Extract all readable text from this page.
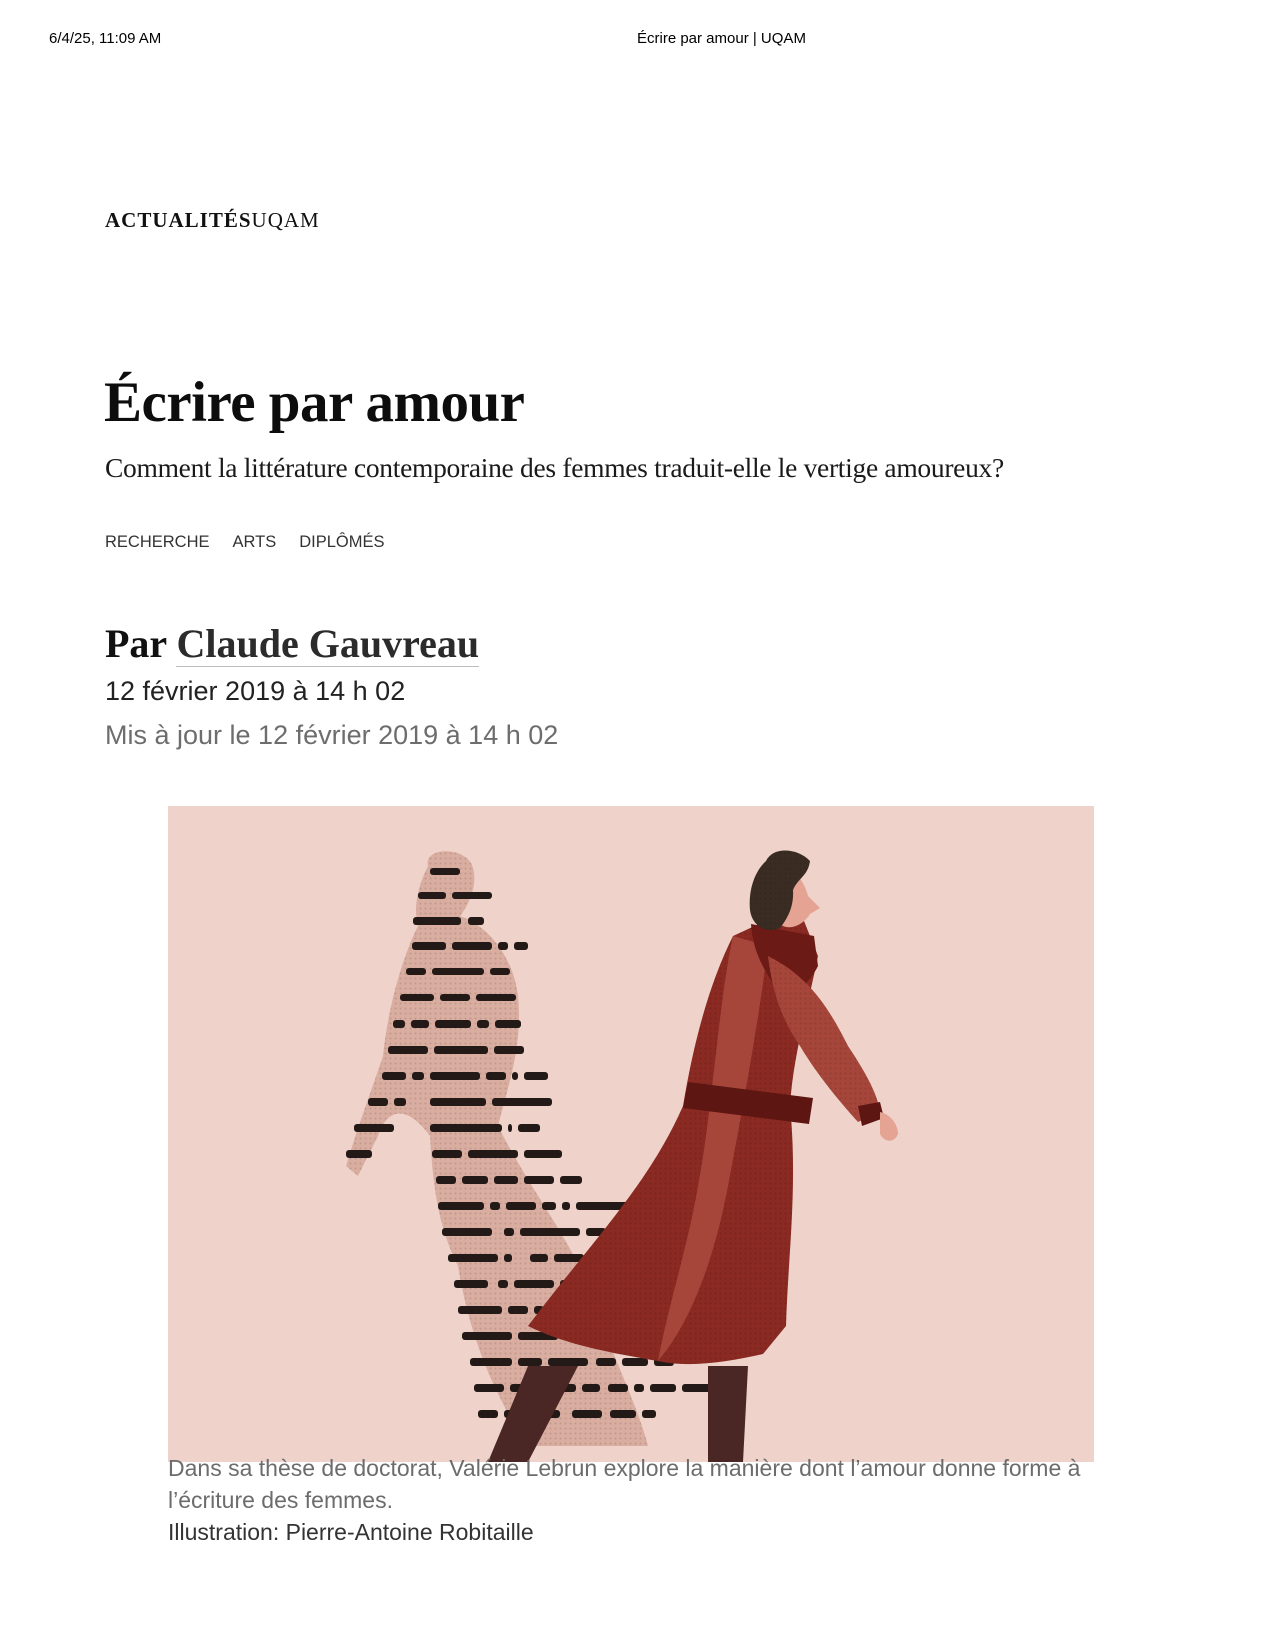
6/4/25, 11:09 AM	Écrire par amour | UQAM
ACTUALITÉSUQAM
Écrire par amour

Comment la littérature contemporaine des femmes traduit-elle le vertige amoureux?

RECHERCHE ARTS DIPLÔMÉS

Par Claude Gauvreau

12 février 2019 à 14 h 02
Mis à jour le 12 février 2019 à 14 h 02
Dans sa thèse de doctorat, Valérie Lebrun explore la manière dont l’amour donne forme à l’écriture des femmes.
Illustration: Pierre-Antoine Robitaille
